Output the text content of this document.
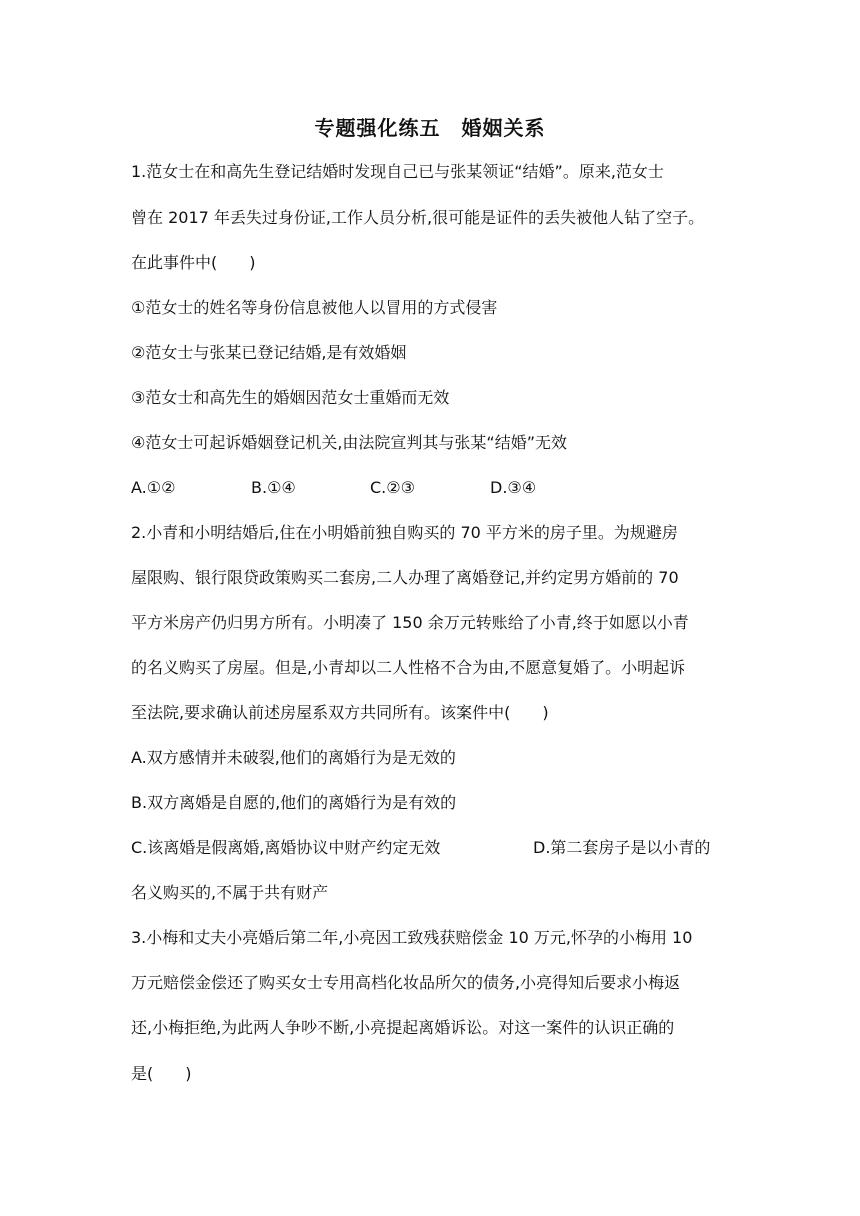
专题强化练五　婚姻关系
1.范女士在和高先生登记结婚时发现自己已与张某领证“结婚”。原来,范女士
曾在 2017 年丢失过身份证,工作人员分析,很可能是证件的丢失被他人钻了空子。
在此事件中(　　)
①范女士的姓名等身份信息被他人以冒用的方式侵害
②范女士与张某已登记结婚,是有效婚姻
③范女士和高先生的婚姻因范女士重婚而无效
④范女士可起诉婚姻登记机关,由法院宣判其与张某“结婚”无效
A.①②	B.①④	C.②③	D.③④
2.小青和小明结婚后,住在小明婚前独自购买的 70 平方米的房子里。为规避房
屋限购、银行限贷政策购买二套房,二人办理了离婚登记,并约定男方婚前的 70
平方米房产仍归男方所有。小明凑了 150 余万元转账给了小青,终于如愿以小青
的名义购买了房屋。但是,小青却以二人性格不合为由,不愿意复婚了。小明起诉
至法院,要求确认前述房屋系双方共同所有。该案件中(　　)
A.双方感情并未破裂,他们的离婚行为是无效的
B.双方离婚是自愿的,他们的离婚行为是有效的
C.该离婚是假离婚,离婚协议中财产约定无效	D.第二套房子是以小青的
名义购买的,不属于共有财产
3.小梅和丈夫小亮婚后第二年,小亮因工致残获赔偿金 10 万元,怀孕的小梅用 10
万元赔偿金偿还了购买女士专用高档化妆品所欠的债务,小亮得知后要求小梅返
还,小梅拒绝,为此两人争吵不断,小亮提起离婚诉讼。对这一案件的认识正确的
是(　　)
